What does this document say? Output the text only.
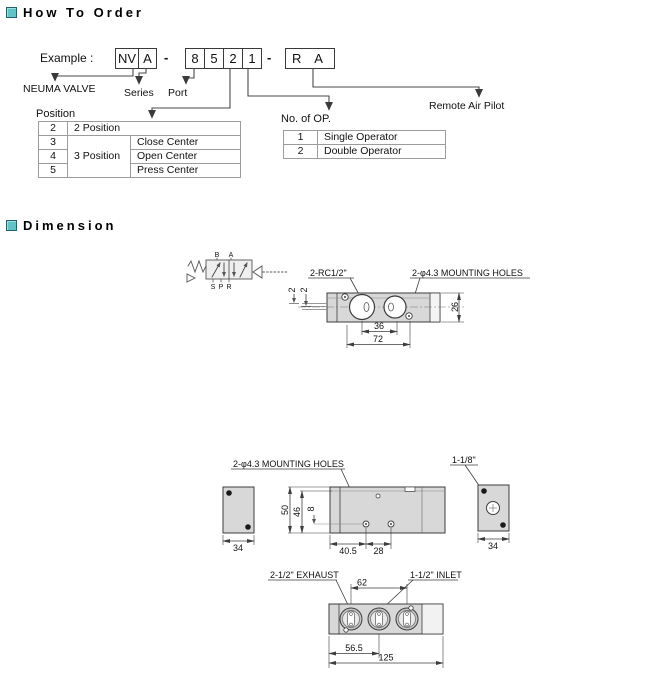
How To Order
Example : NV A -	8 5 2 1 -	R A
NEUMA VALVE	Series Port
Remote Air Pilot
Position
2	2 Position	
3	3 Position	Close Center
4		Open Center
5		Press Center
No. of OP.
1	Single Operator
2	Double Operator
Dimension
B A
S P R
2-RC1/2"	2-φ4.3 MOUNTING HOLES
2 2
26
36
72
34
2-φ4.3 MOUNTING HOLES
50 46 8
40.5 28
1-1/8"
34
2-1/2" EXHAUST	1-1/2" INLET
62
56.5
125
